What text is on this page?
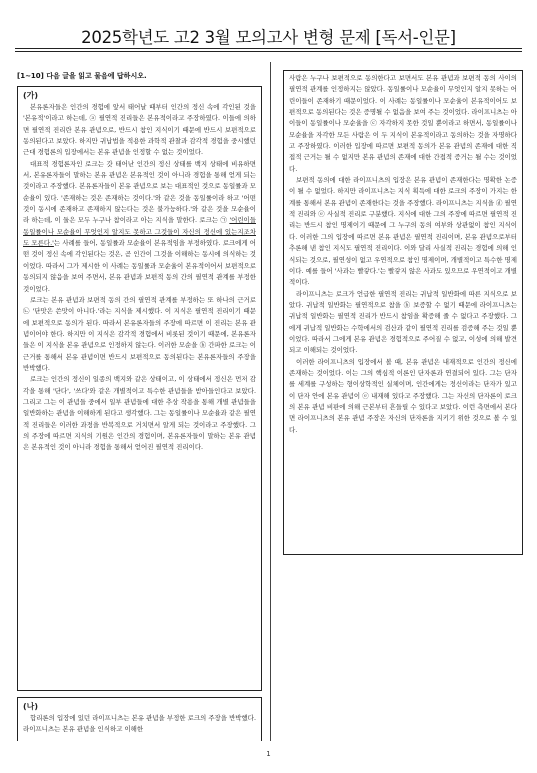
2025학년도 고2 3월 모의고사 변형 문제 [독서-인문]
[1~10] 다음 글을 읽고 물음에 답하시오.
(가)

본유론자들은 인간의 경험에 앞서 태어날 때부터 인간의 정신 속에 각인된 것을 '본유적'이라고 하는데, ⓐ 필연적 진리들은 본유적이라고 주장하였다. 이들에 의하면 필연적 진리란 본유 관념으로, 반드시 참인 지식이기 때문에 반드시 보편적으로 동의된다고 보았다. 하지만 귀납법을 적용한 과학적 관찰과 감각적 경험을 중시했던 근대 경험론의 입장에서는 본유 관념을 인정할 수 없는 것이었다.

대표적 경험론자인 로크는 갓 태어난 인간의 정신 상태를 백지 상태에 비유하면서, 본유론자들이 말하는 본유 관념은 본유적인 것이 아니라 경험을 통해 얻게 되는 것이라고 주장했다. 본유론자들이 본유 관념으로 보는 대표적인 것으로 동일률과 모순율이 있다. '존재하는 것은 존재하는 것이다.'와 같은 것을 동일률이라 하고 '어떤 것이 동시에 존재하고 존재하지 않는다는 것은 불가능하다.'와 같은 것을 모순율이라 하는데, 이 둘은 모두 누구나 참이라고 아는 지식을 말한다. 로크는 ㉠ '어린이들 동일률이나 모순율이 무엇인지 알지도 못하고 그것들이 자신의 정신에 있는지조차도 모른다.'는 사례를 들어, 동일률과 모순율이 본유적임을 부정하였다. 로크에게 어떤 것이 정신 속에 각인된다는 것은, 곧 인간이 그것을 이해하는 동시에 의식하는 것이었다. 따라서 그가 제시한 이 사례는 동일률과 모순율이 본유적이어서 보편적으로 동의되지 않음을 보여 주면서, 본유 관념과 보편적 동의 간의 필연적 관계를 부정한 것이었다.

로크는 본유 관념과 보편적 동의 간의 필연적 관계를 부정하는 또 하나의 근거로 ㉡ '단맛은 쓴맛이 아니다.'라는 지식을 제시했다. 이 지식은 필연적 진리이기 때문에 보편적으로 동의가 된다. 따라서 본유론자들의 주장에 따르면 이 진리는 본유 관념이어야 한다. 하지만 이 지식은 감각적 경험에서 비롯된 것이기 때문에, 본유론자들은 이 지식을 본유 관념으로 인정하지 않는다. 이러한 모순을 ⓑ 간파한 로크는 이 근거를 통해서 본유 관념이면 반드시 보편적으로 동의된다는 본유론자들의 주장을 반박했다.

로크는 인간의 정신이 일종의 백지와 같은 상태이고, 이 상태에서 정신은 먼저 감각을 통해 '단다', '쓰다'와 같은 개별적이고 특수한 관념들을 받아들인다고 보았다. 그리고 그는 이 관념들 중에서 일부 관념들에 대한 추상 작용을 통해 개별 관념들을 일반화하는 관념을 이해하게 된다고 생각했다. 그는 동일률이나 모순율과 같은 필연적 진리들은 이러한 과정을 반복적으로 거치면서 알게 되는 것이라고 주장했다. 그의 주장에 따르면 지식의 기원은 인간의 경험이며, 본유론자들이 말하는 본유 관념은 본유적인 것이 아니라 경험을 통해서 얻어진 필연적 진리이다.

(나)

합리론의 입장에 있던 라이프니츠는 본유 관념을 부정한 로크의 주장을 반박했다. 라이프니츠는 본유 관념을 인식하고 이해한

사람은 누구나 보편적으로 동의한다고 보면서도 본유 관념과 보편적 동의 사이의 필연적 관계를 인정하지는 않았다. 동일률이나 모순율이 무엇인지 알지 못하는 어린이들이 존재하기 때문이었다. 이 사례는 동일률이나 모순율이 본유적이어도 보편적으로 동의된다는 것은 증명될 수 없음을 보여 주는 것이었다. 라이프니츠는 아이들이 동일률이나 모순율을 ⓒ 자각하지 못한 것일 뿐이라고 하면서, 동일률이나 모순율을 자각한 모든 사람은 이 두 지식이 본유적이라고 동의하는 것을 자명하다고 주장하였다. 이러한 입장에 따르면 보편적 동의가 본유 관념의 존재에 대한 직접적 근거는 될 수 없지만 본유 관념의 존재에 대한 간접적 증거는 될 수는 것이었다.

보편적 동의에 대한 라이프니츠의 입장은 본유 관념이 존재한다는 명확한 논증이 될 수 없었다. 하지만 라이프니츠는 지식 획득에 대한 로크의 주장이 가지는 한계를 통해서 본유 관념이 존재한다는 것을 주장했다. 라이프니츠는 지식을 ⓓ 필연적 진리와 ⓔ 사실적 진리로 구분했다. 지식에 대한 그의 주장에 따르면 필연적 진리는 반드시 참인 명제이기 때문에 그 누구의 동의 여부와 상관없이 참인 지식이다. 이러한 그의 입장에 따르면 본유 관념은 필연적 진리이며, 본유 관념으로부터 추론해 낸 참인 지식도 필연적 진리이다. 이와 달리 사실적 진리는 경험에 의해 인식되는 것으로, 필연성이 없고 우연적으로 참인 명제이며, 개별적이고 특수한 명제이다. 예를 들어 '사과는 빨갛다.'는 빨갛지 않은 사과도 있으므로 우연적이고 개별적이다.

라이프니츠는 로크가 언급한 필연적 진리는 귀납적 일반화에 따른 지식으로 보았다. 귀납적 일반화는 필연적으로 참을 ⓑ 보증할 수 없기 때문에 라이프니츠는 귀납적 일반화는 필연적 진리가 반드시 참임을 확증해 줄 수 없다고 주장했다. 그에게 귀납적 일반화는 수학에서의 검산과 같이 필연적 진리를 검증해 주는 것일 뿐이었다. 따라서 그에게 본유 관념은 경험적으로 주어질 수 없고, 이성에 의해 발견되고 이해되는 것이었다.

이러한 라이프니츠의 입장에서 볼 때, 본유 관념은 내재적으로 인간의 정신에 존재하는 것이었다. 이는 그의 핵심적 이론인 단자론과 연결되어 있다. 그는 단자를 세계를 구성하는 형이상학적인 실체이며, 인간에게는 정신이라는 단자가 있고 이 단자 안에 본유 관념이 ⓔ 내재해 있다고 주장했다. 그는 자신의 단자론이 로크의 본유 관념 비판에 의해 근본부터 흔들릴 수 있다고 보았다. 이런 측면에서 본다면 라이프니츠의 본유 관념 주장은 자신의 단자론을 지키기 위한 것으로 볼 수 있다.

1
